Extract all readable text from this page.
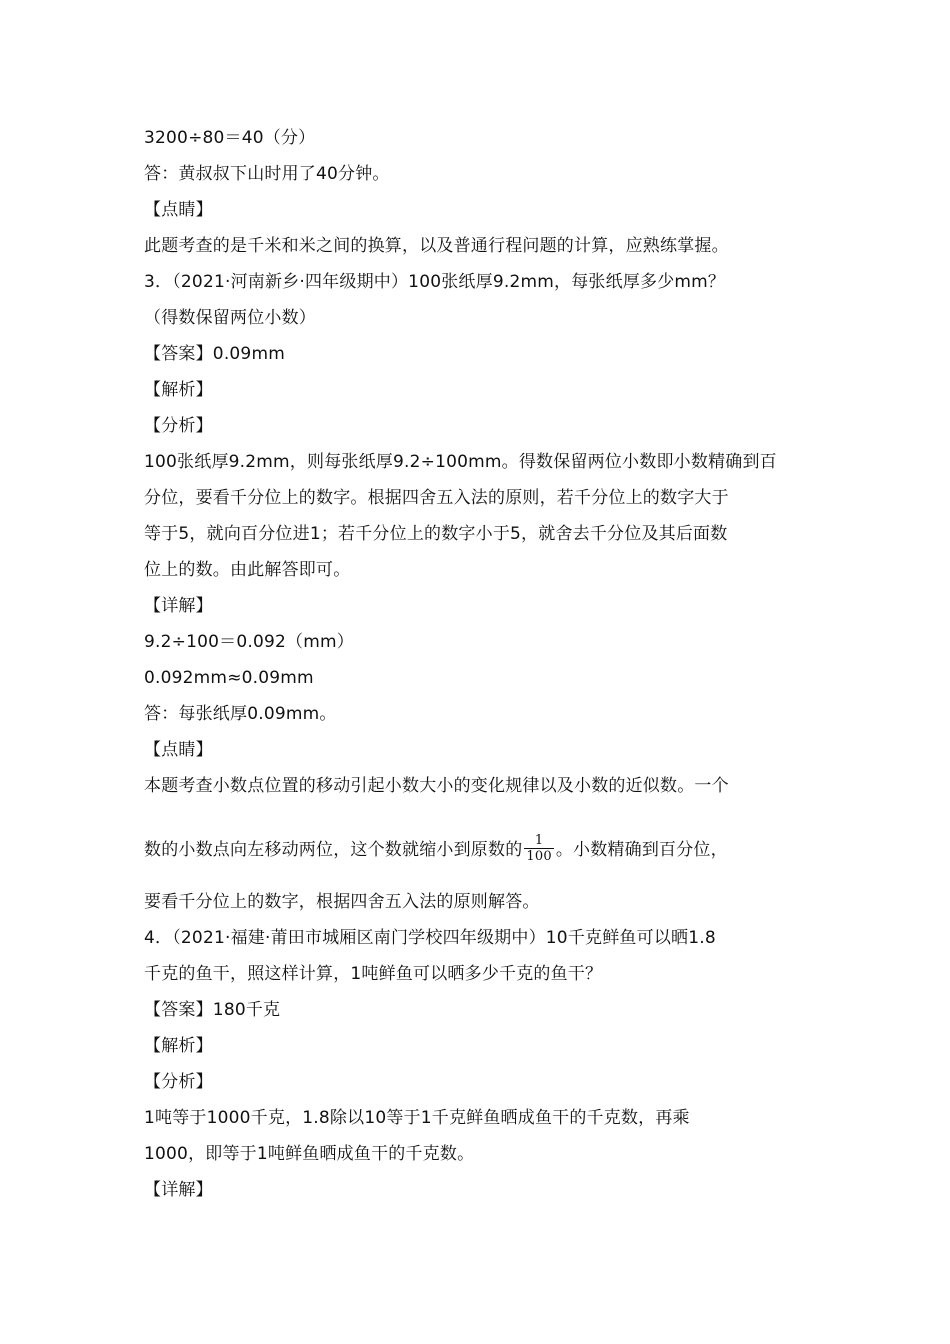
3200÷80＝40（分）
答：黄叔叔下山时用了40分钟。
【点睛】
此题考查的是千米和米之间的换算，以及普通行程问题的计算，应熟练掌握。
3．（2021·河南新乡·四年级期中）100张纸厚9.2mm，每张纸厚多少mm？
（得数保留两位小数）
【答案】0.09mm
【解析】
【分析】
100张纸厚9.2mm，则每张纸厚9.2÷100mm。得数保留两位小数即小数精确到百
分位，要看千分位上的数字。根据四舍五入法的原则，若千分位上的数字大于
等于5，就向百分位进1；若千分位上的数字小于5，就舍去千分位及其后面数
位上的数。由此解答即可。
【详解】
9.2÷100＝0.092（mm）
0.092mm≈0.09mm
答：每张纸厚0.09mm。
【点睛】
本题考查小数点位置的移动引起小数大小的变化规律以及小数的近似数。一个
数的小数点向左移动两位，这个数就缩小到原数的 $\frac{1}{100}$ 。小数精确到百分位，
要看千分位上的数字，根据四舍五入法的原则解答。
4．（2021·福建·莆田市城厢区南门学校四年级期中）10千克鲜鱼可以晒1.8
千克的鱼干，照这样计算，1吨鲜鱼可以晒多少千克的鱼干？
【答案】180千克
【解析】
【分析】
1吨等于1000千克，1.8除以10等于1千克鲜鱼晒成鱼干的千克数，再乘
1000，即等于1吨鲜鱼晒成鱼干的千克数。
【详解】
